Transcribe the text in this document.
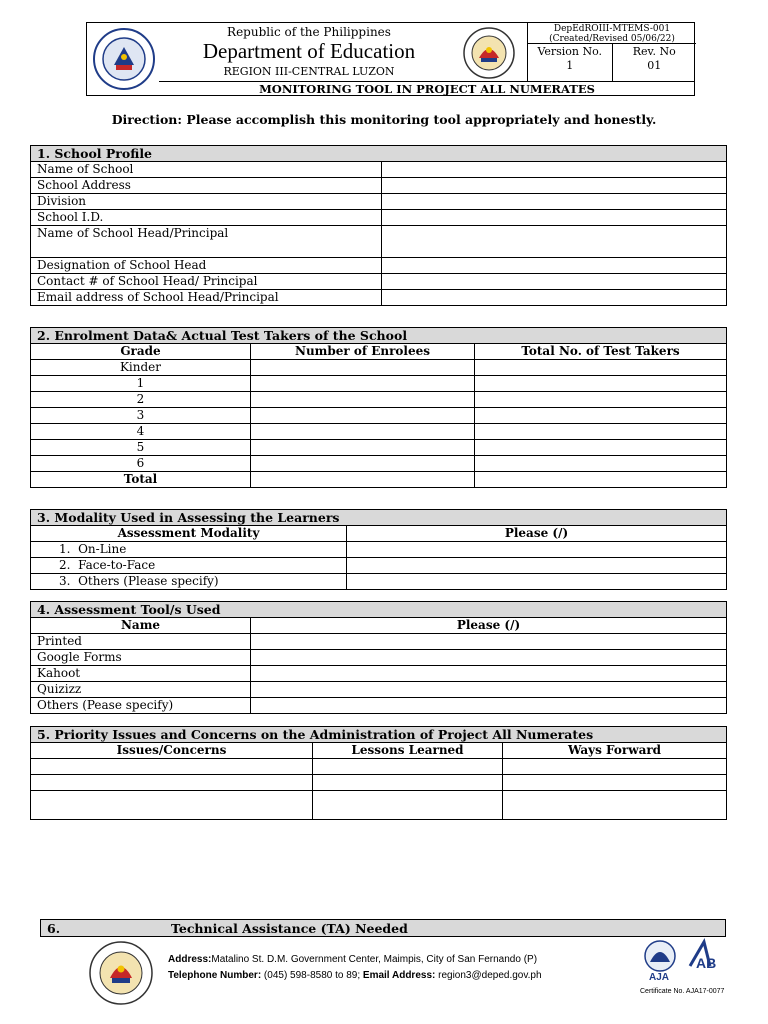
Republic of the Philippines
Department of Education
REGION III-CENTRAL LUZON
DepEdROIII-MTEMS-001
(Created/Revised 05/06/22)
Version No.
1
Rev. No
01
MONITORING TOOL IN PROJECT ALL NUMERATES
Direction: Please accomplish this monitoring tool appropriately and honestly.
1. School Profile	
Name of School	
School Address	
Division	
School I.D.	
Name of School Head/Principal	
Designation of School Head	
Contact # of School Head/ Principal	
Email address of School Head/Principal	
2. Enrolment Data& Actual Test Takers of the School		
Grade	Number of Enrolees	Total No. of Test Takers
Kinder		
1		
2		
3		
4		
5		
6		
Total		
3. Modality Used in Assessing the Learners	
Assessment Modality	Please (/)
1.  On-Line	
2.  Face-to-Face	
3.  Others (Please specify)	
4. Assessment Tool/s Used	
Name	Please (/)
Printed	
Google Forms	
Kahoot	
Quizizz	
Others (Pease specify)	
5. Priority Issues and Concerns on the Administration of Project All Numerates		
Issues/Concerns	Lessons Learned	Ways Forward

6.	Technical Assistance (TA) Needed
Address:Matalino St. D.M. Government Center, Maimpis, City of San Fernando (P)
Telephone Number: (045) 598-8580 to 89; Email Address: region3@deped.gov.ph	AJA
AB
Certificate No. AJA17-0077
